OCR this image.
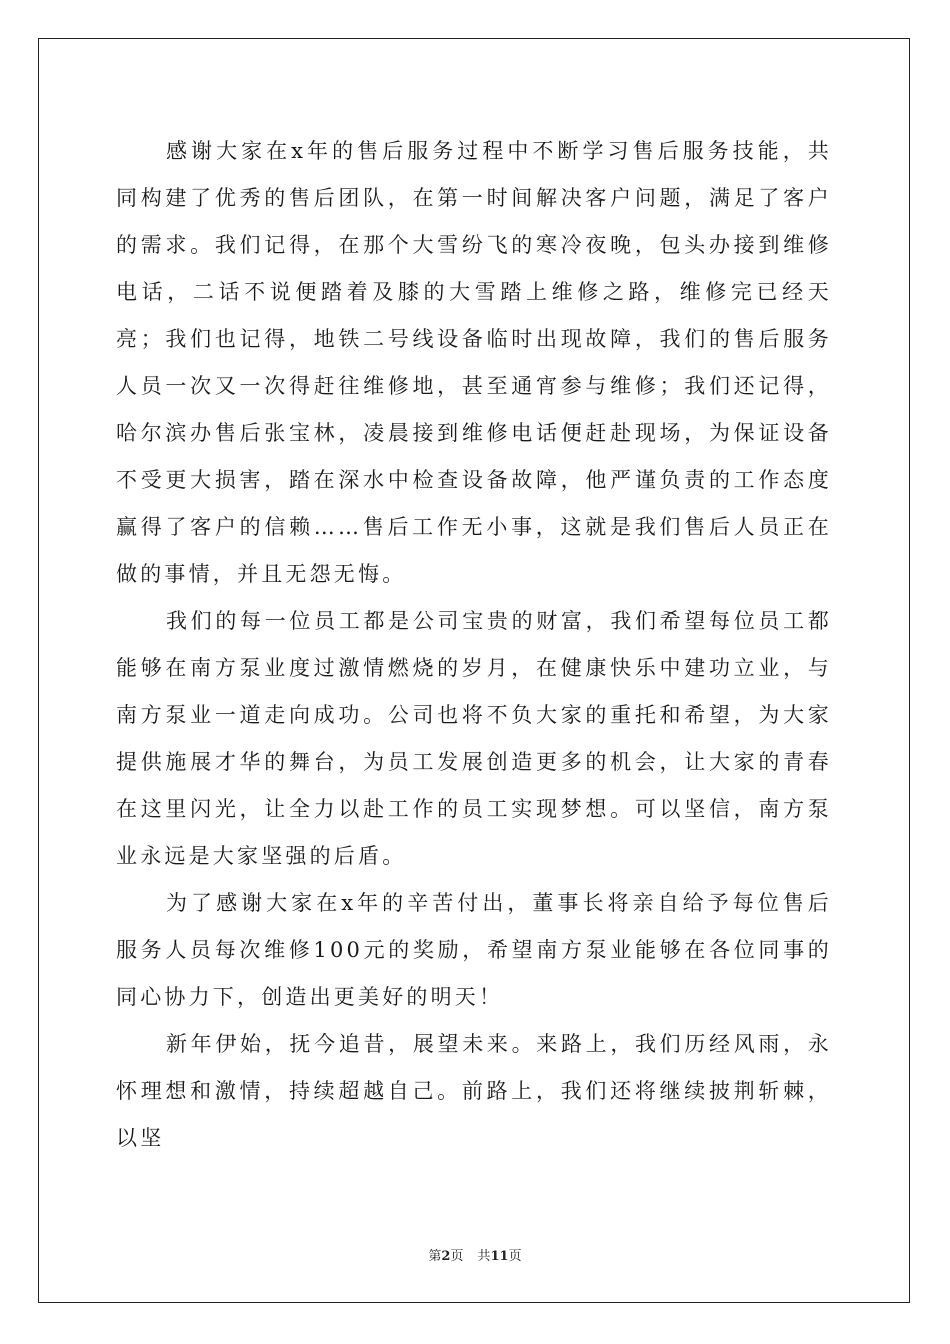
感谢大家在x年的售后服务过程中不断学习售后服务技能，共同构建了优秀的售后团队，在第一时间解决客户问题，满足了客户的需求。我们记得，在那个大雪纷飞的寒冷夜晚，包头办接到维修电话，二话不说便踏着及膝的大雪踏上维修之路，维修完已经天亮；我们也记得，地铁二号线设备临时出现故障，我们的售后服务人员一次又一次得赶往维修地，甚至通宵参与维修；我们还记得，哈尔滨办售后张宝林，凌晨接到维修电话便赶赴现场，为保证设备不受更大损害，踏在深水中检查设备故障，他严谨负责的工作态度赢得了客户的信赖……售后工作无小事，这就是我们售后人员正在做的事情，并且无怨无悔。

我们的每一位员工都是公司宝贵的财富，我们希望每位员工都能够在南方泵业度过激情燃烧的岁月，在健康快乐中建功立业，与南方泵业一道走向成功。公司也将不负大家的重托和希望，为大家提供施展才华的舞台，为员工发展创造更多的机会，让大家的青春在这里闪光，让全力以赴工作的员工实现梦想。可以坚信，南方泵业永远是大家坚强的后盾。

为了感谢大家在x年的辛苦付出，董事长将亲自给予每位售后服务人员每次维修100元的奖励，希望南方泵业能够在各位同事的同心协力下，创造出更美好的明天！

新年伊始，抚今追昔，展望未来。来路上，我们历经风雨，永怀理想和激情，持续超越自己。前路上，我们还将继续披荆斩棘，以坚

第2页 共11页
